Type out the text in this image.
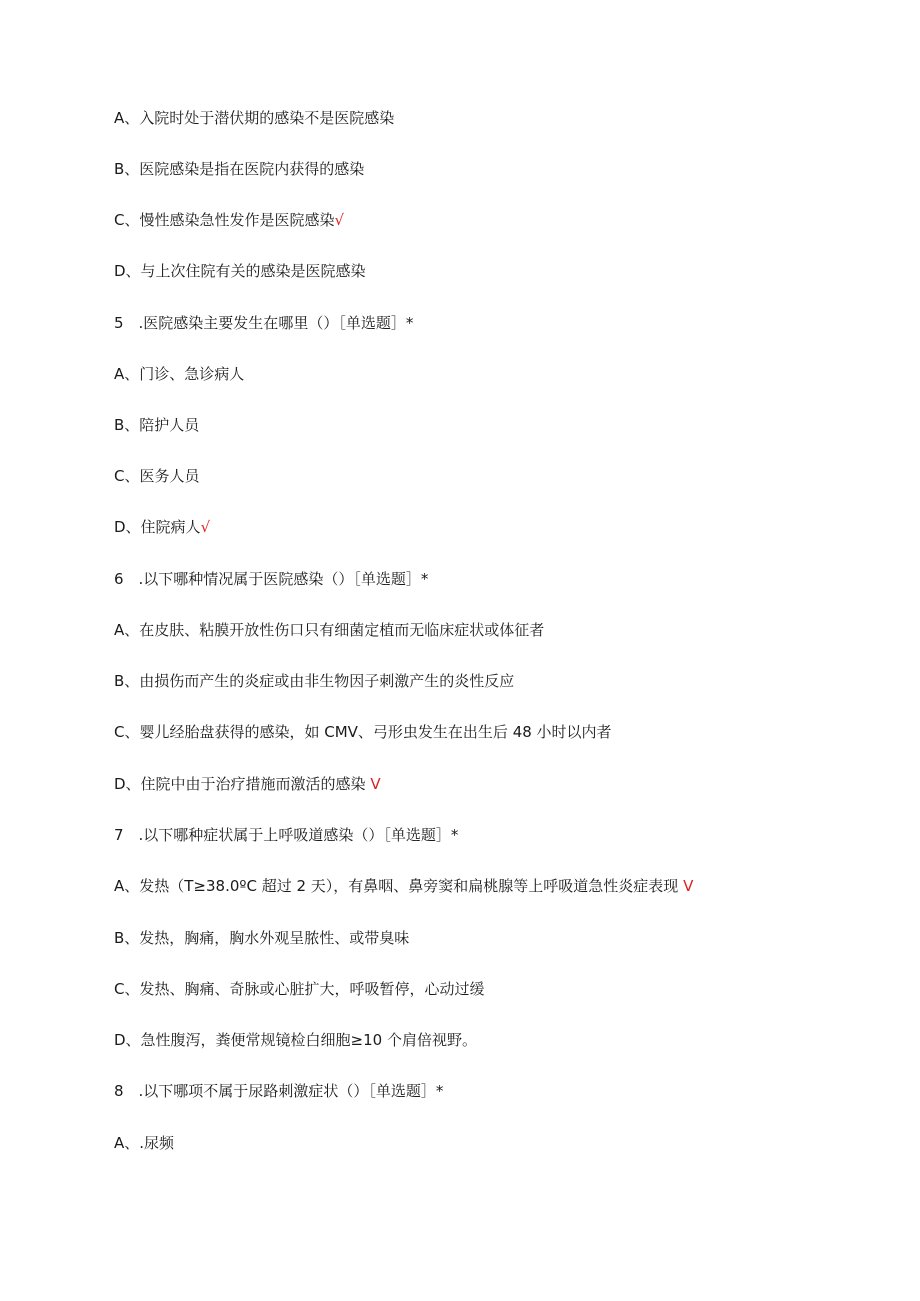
A、入院时处于潜伏期的感染不是医院感染
B、医院感染是指在医院内获得的感染
C、慢性感染急性发作是医院感染√
D、与上次住院有关的感染是医院感染
5　.医院感染主要发生在哪里（）［单选题］*
A、门诊、急诊病人
B、陪护人员
C、医务人员
D、住院病人√
6　.以下哪种情况属于医院感染（）［单选题］*
A、在皮肤、粘膜开放性伤口只有细菌定植而无临床症状或体征者
B、由损伤而产生的炎症或由非生物因子刺激产生的炎性反应
C、婴儿经胎盘获得的感染，如 CMV、弓形虫发生在出生后 48 小时以内者
D、住院中由于治疗措施而激活的感染 V
7　.以下哪种症状属于上呼吸道感染（）［单选题］*
A、发热（T≥38.0ºC 超过 2 天），有鼻咽、鼻旁窦和扁桃腺等上呼吸道急性炎症表现 V
B、发热，胸痛，胸水外观呈脓性、或带臭味
C、发热、胸痛、奇脉或心脏扩大，呼吸暂停，心动过缓
D、急性腹泻，粪便常规镜检白细胞≥10 个肩倍视野。
8　.以下哪项不属于尿路刺激症状（）［单选题］*
A、.尿频
